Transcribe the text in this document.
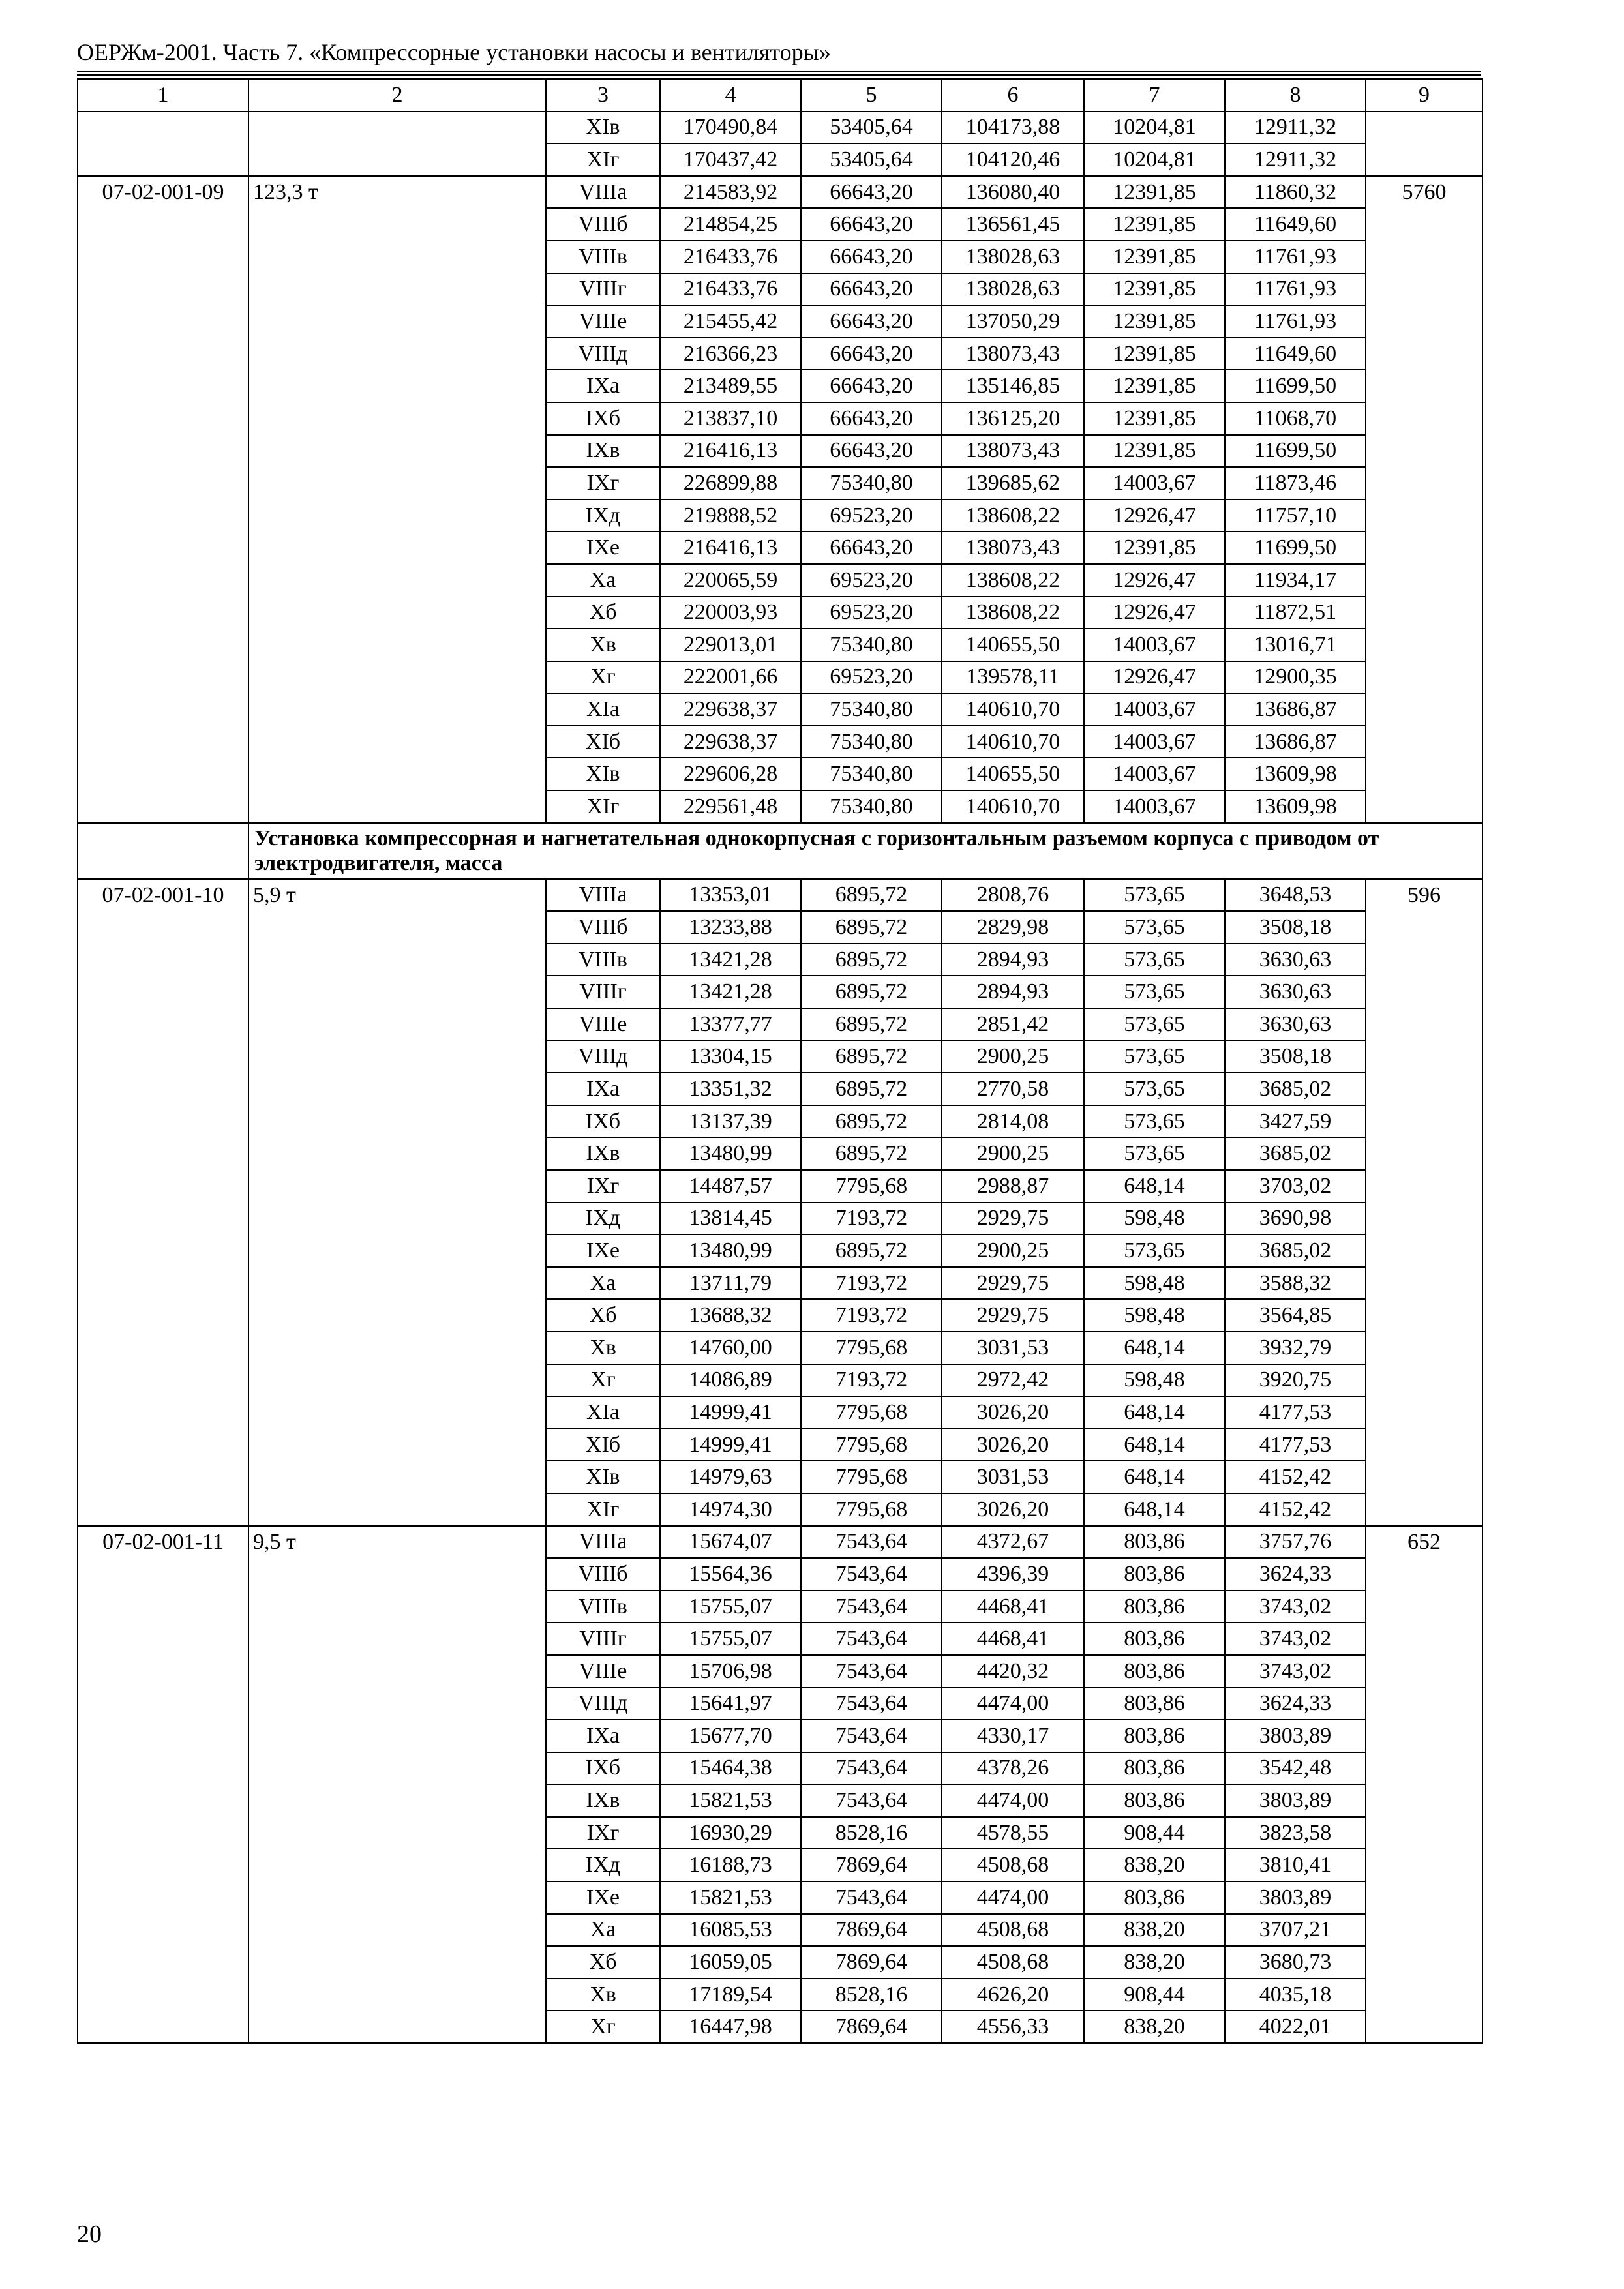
ОЕРЖм-2001. Часть 7. «Компрессорные установки насосы и вентиляторы»
1	2	3	4	5	6	7	8	9
		XIв	170490,84	53405,64	104173,88	10204,81	12911,32	
		XIг	170437,42	53405,64	104120,46	10204,81	12911,32	
07-02-001-09	123,3 т	VIIIа	214583,92	66643,20	136080,40	12391,85	11860,32	5760
		VIIIб	214854,25	66643,20	136561,45	12391,85	11649,60	
		VIIIв	216433,76	66643,20	138028,63	12391,85	11761,93	
		VIIIг	216433,76	66643,20	138028,63	12391,85	11761,93	
		VIIIе	215455,42	66643,20	137050,29	12391,85	11761,93	
		VIIIд	216366,23	66643,20	138073,43	12391,85	11649,60	
		IXа	213489,55	66643,20	135146,85	12391,85	11699,50	
		IXб	213837,10	66643,20	136125,20	12391,85	11068,70	
		IXв	216416,13	66643,20	138073,43	12391,85	11699,50	
		IXг	226899,88	75340,80	139685,62	14003,67	11873,46	
		IXд	219888,52	69523,20	138608,22	12926,47	11757,10	
		IXе	216416,13	66643,20	138073,43	12391,85	11699,50	
		Xа	220065,59	69523,20	138608,22	12926,47	11934,17	
		Xб	220003,93	69523,20	138608,22	12926,47	11872,51	
		Xв	229013,01	75340,80	140655,50	14003,67	13016,71	
		Xг	222001,66	69523,20	139578,11	12926,47	12900,35	
		XIа	229638,37	75340,80	140610,70	14003,67	13686,87	
		XIб	229638,37	75340,80	140610,70	14003,67	13686,87	
		XIв	229606,28	75340,80	140655,50	14003,67	13609,98	
		XIг	229561,48	75340,80	140610,70	14003,67	13609,98	
	Установка компрессорная и нагнетательная однокорпусная с горизонтальным разъемом корпуса с приводом от электродвигателя, масса							
07-02-001-10	5,9 т	VIIIа	13353,01	6895,72	2808,76	573,65	3648,53	596
		VIIIб	13233,88	6895,72	2829,98	573,65	3508,18	
		VIIIв	13421,28	6895,72	2894,93	573,65	3630,63	
		VIIIг	13421,28	6895,72	2894,93	573,65	3630,63	
		VIIIе	13377,77	6895,72	2851,42	573,65	3630,63	
		VIIIд	13304,15	6895,72	2900,25	573,65	3508,18	
		IXа	13351,32	6895,72	2770,58	573,65	3685,02	
		IXб	13137,39	6895,72	2814,08	573,65	3427,59	
		IXв	13480,99	6895,72	2900,25	573,65	3685,02	
		IXг	14487,57	7795,68	2988,87	648,14	3703,02	
		IXд	13814,45	7193,72	2929,75	598,48	3690,98	
		IXе	13480,99	6895,72	2900,25	573,65	3685,02	
		Xа	13711,79	7193,72	2929,75	598,48	3588,32	
		Xб	13688,32	7193,72	2929,75	598,48	3564,85	
		Xв	14760,00	7795,68	3031,53	648,14	3932,79	
		Xг	14086,89	7193,72	2972,42	598,48	3920,75	
		XIа	14999,41	7795,68	3026,20	648,14	4177,53	
		XIб	14999,41	7795,68	3026,20	648,14	4177,53	
		XIв	14979,63	7795,68	3031,53	648,14	4152,42	
		XIг	14974,30	7795,68	3026,20	648,14	4152,42	
07-02-001-11	9,5 т	VIIIа	15674,07	7543,64	4372,67	803,86	3757,76	652
		VIIIб	15564,36	7543,64	4396,39	803,86	3624,33	
		VIIIв	15755,07	7543,64	4468,41	803,86	3743,02	
		VIIIг	15755,07	7543,64	4468,41	803,86	3743,02	
		VIIIе	15706,98	7543,64	4420,32	803,86	3743,02	
		VIIIд	15641,97	7543,64	4474,00	803,86	3624,33	
		IXа	15677,70	7543,64	4330,17	803,86	3803,89	
		IXб	15464,38	7543,64	4378,26	803,86	3542,48	
		IXв	15821,53	7543,64	4474,00	803,86	3803,89	
		IXг	16930,29	8528,16	4578,55	908,44	3823,58	
		IXд	16188,73	7869,64	4508,68	838,20	3810,41	
		IXе	15821,53	7543,64	4474,00	803,86	3803,89	
		Xа	16085,53	7869,64	4508,68	838,20	3707,21	
		Xб	16059,05	7869,64	4508,68	838,20	3680,73	
		Xв	17189,54	8528,16	4626,20	908,44	4035,18	
		Xг	16447,98	7869,64	4556,33	838,20	4022,01	
20
